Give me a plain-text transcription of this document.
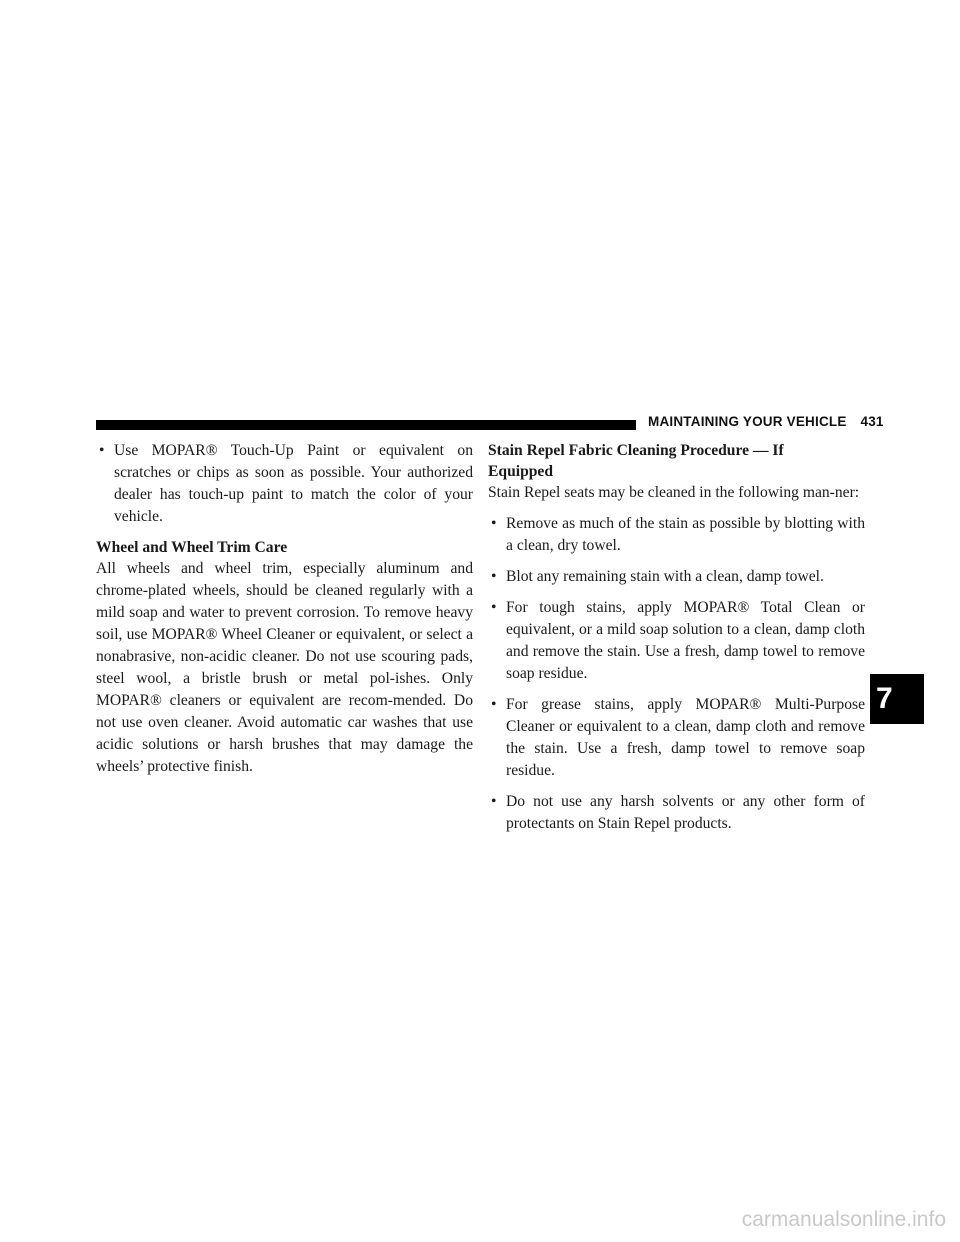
MAINTAINING YOUR VEHICLE 431
• Use MOPAR® Touch-Up Paint or equivalent on scratches or chips as soon as possible. Your authorized dealer has touch-up paint to match the color of your vehicle.

Wheel and Wheel Trim Care

All wheels and wheel trim, especially aluminum and chrome-plated wheels, should be cleaned regularly with a mild soap and water to prevent corrosion. To remove heavy soil, use MOPAR® Wheel Cleaner or equivalent, or select a nonabrasive, non-acidic cleaner. Do not use scouring pads, steel wool, a bristle brush or metal pol-ishes. Only MOPAR® cleaners or equivalent are recom-mended. Do not use oven cleaner. Avoid automatic car washes that use acidic solutions or harsh brushes that may damage the wheels’ protective finish.

Stain Repel Fabric Cleaning Procedure — If Equipped

Stain Repel seats may be cleaned in the following man-ner:

• Remove as much of the stain as possible by blotting with a clean, dry towel.
• Blot any remaining stain with a clean, damp towel.
• For tough stains, apply MOPAR® Total Clean or equivalent, or a mild soap solution to a clean, damp cloth and remove the stain. Use a fresh, damp towel to remove soap residue.
• For grease stains, apply MOPAR® Multi-Purpose Cleaner or equivalent to a clean, damp cloth and remove the stain. Use a fresh, damp towel to remove soap residue.
• Do not use any harsh solvents or any other form of protectants on Stain Repel products.
7
carmanualsonline.info
